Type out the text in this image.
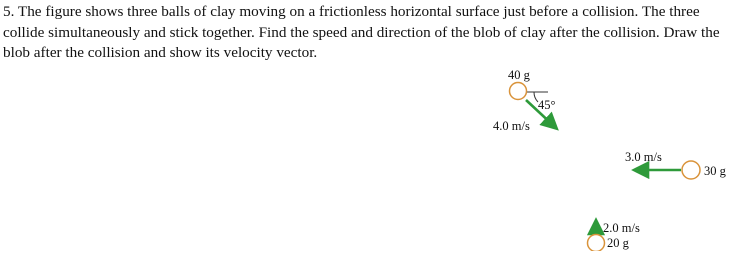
5. The figure shows three balls of clay moving on a frictionless horizontal surface just before a collision. The three collide simultaneously and stick together. Find the speed and direction of the blob of clay after the collision. Draw the blob after the collision and show its velocity vector.

40 g
45°
4.0 m/s
3.0 m/s
30 g
2.0 m/s
20 g
